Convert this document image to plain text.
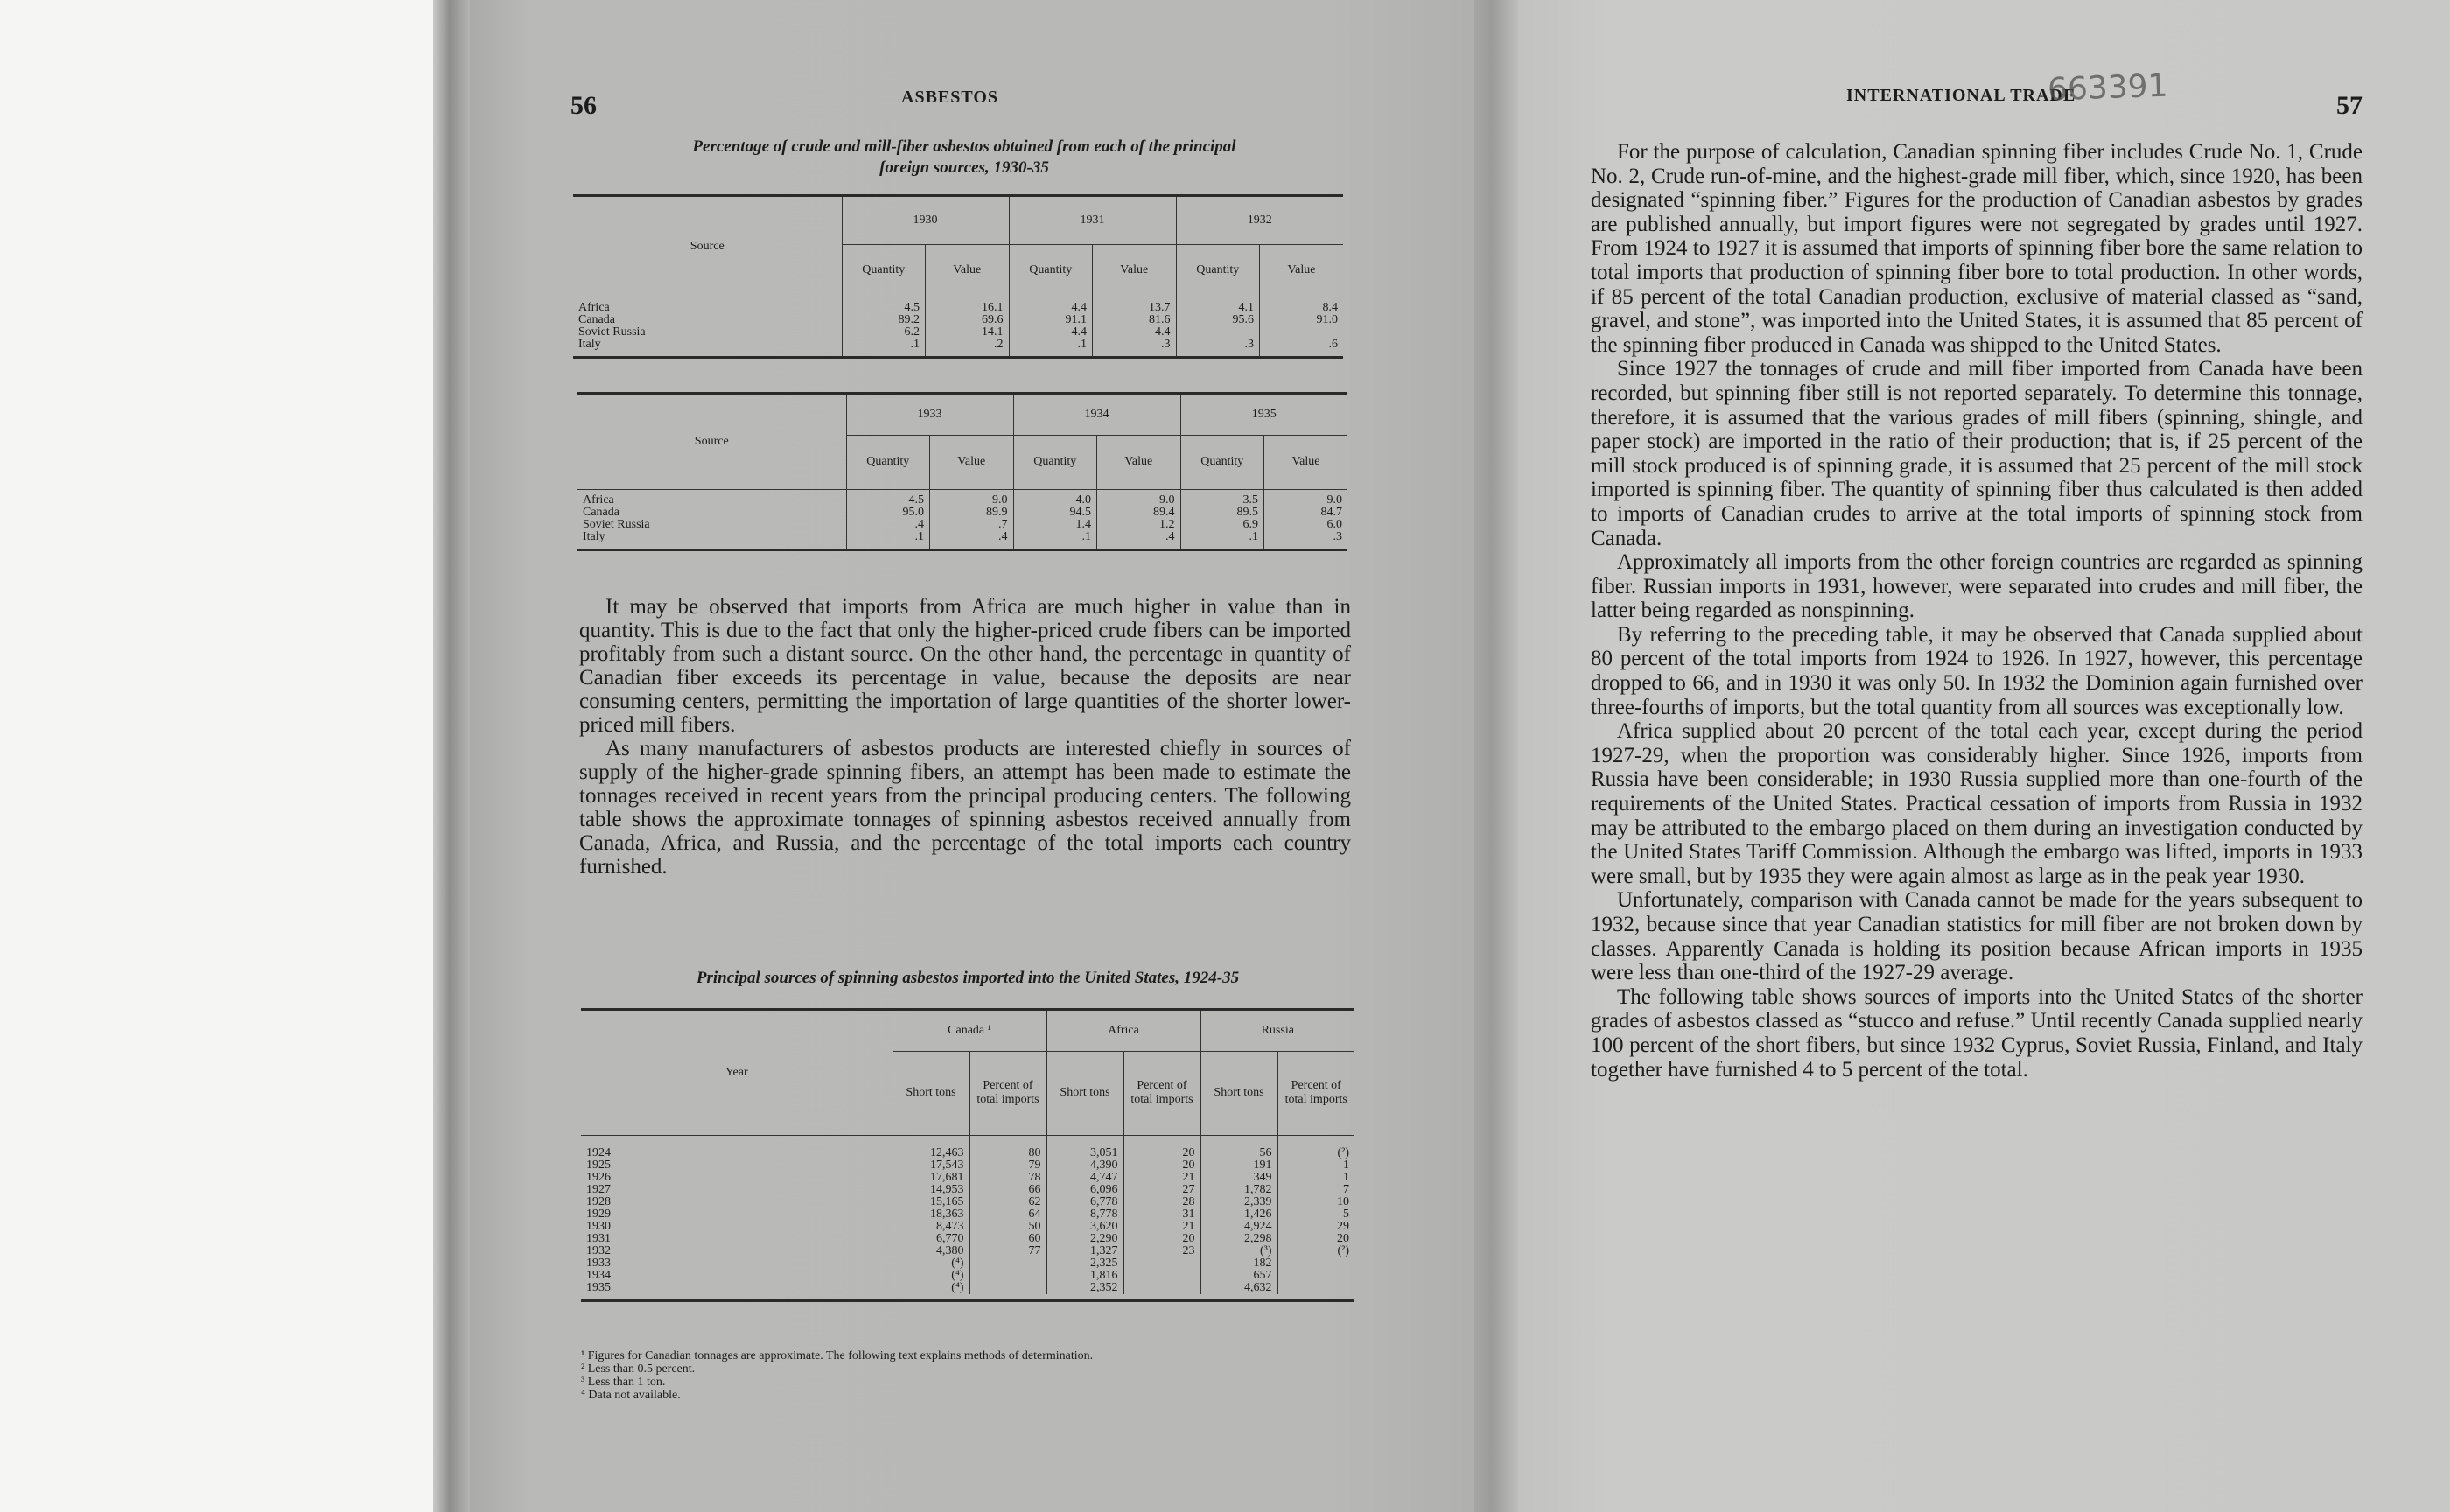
56	ASBESTOS
Percentage of crude and mill-fiber asbestos obtained from each of the principal
foreign sources, 1930-35
Source	1930		1931		1932	
	Quantity	Value	Quantity	Value	Quantity	Value

Africa	4.5	16.1	4.4	13.7	4.1	8.4
Canada	89.2	69.6	91.1	81.6	95.6	91.0
Soviet Russia	6.2	14.1	4.4	4.4		
Italy	.1	.2	.1	.3	.3	.6

Source	1933		1934		1935	
	Quantity	Value	Quantity	Value	Quantity	Value

Africa	4.5	9.0	4.0	9.0	3.5	9.0
Canada	95.0	89.9	94.5	89.4	89.5	84.7
Soviet Russia	.4	.7	1.4	1.2	6.9	6.0
Italy	.1	.4	.1	.4	.1	.3

It may be observed that imports from Africa are much higher in value than in quantity. This is due to the fact that only the higher-priced crude fibers can be imported profitably from such a distant source. On the other hand, the percentage in quantity of Canadian fiber exceeds its percentage in value, because the deposits are near consuming centers, permitting the importation of large quantities of the shorter lower-priced mill fibers.

As many manufacturers of asbestos products are interested chiefly in sources of supply of the higher-grade spinning fibers, an attempt has been made to estimate the tonnages received in recent years from the principal producing centers. The following table shows the approximate tonnages of spinning asbestos received annually from Canada, Africa, and Russia, and the percentage of the total imports each country furnished.

Principal sources of spinning asbestos imported into the United States, 1924-35
Year	Canada ¹		Africa		Russia	
	Short tons	Percent of total imports	Short tons	Percent of total imports	Short tons	Percent of total imports

1924	12,463	80	3,051	20	56	(²)
1925	17,543	79	4,390	20	191	1
1926	17,681	78	4,747	21	349	1
1927	14,953	66	6,096	27	1,782	7
1928	15,165	62	6,778	28	2,339	10
1929	18,363	64	8,778	31	1,426	5
1930	8,473	50	3,620	21	4,924	29
1931	6,770	60	2,290	20	2,298	20
1932	4,380	77	1,327	23	(³)	(²)
1933	(⁴)		2,325		182	
1934	(⁴)		1,816		657	
1935	(⁴)		2,352		4,632	
¹ Figures for Canadian tonnages are approximate. The following text explains methods of determination.
² Less than 0.5 percent.
³ Less than 1 ton.
⁴ Data not available.
INTERNATIONAL TRADE
663391	57

For the purpose of calculation, Canadian spinning fiber includes Crude No. 1, Crude No. 2, Crude run-of-mine, and the highest-grade mill fiber, which, since 1920, has been designated “spinning fiber.” Figures for the production of Canadian asbestos by grades are published annually, but import figures were not segregated by grades until 1927. From 1924 to 1927 it is assumed that imports of spinning fiber bore the same relation to total imports that production of spinning fiber bore to total production. In other words, if 85 percent of the total Canadian production, exclusive of material classed as “sand, gravel, and stone”, was imported into the United States, it is assumed that 85 percent of the spinning fiber produced in Canada was shipped to the United States.

Since 1927 the tonnages of crude and mill fiber imported from Canada have been recorded, but spinning fiber still is not reported separately. To determine this tonnage, therefore, it is assumed that the various grades of mill fibers (spinning, shingle, and paper stock) are imported in the ratio of their production; that is, if 25 percent of the mill stock produced is of spinning grade, it is assumed that 25 percent of the mill stock imported is spinning fiber. The quantity of spinning fiber thus calculated is then added to imports of Canadian crudes to arrive at the total imports of spinning stock from Canada.

Approximately all imports from the other foreign countries are regarded as spinning fiber. Russian imports in 1931, however, were separated into crudes and mill fiber, the latter being regarded as nonspinning.

By referring to the preceding table, it may be observed that Canada supplied about 80 percent of the total imports from 1924 to 1926. In 1927, however, this percentage dropped to 66, and in 1930 it was only 50. In 1932 the Dominion again furnished over three-fourths of imports, but the total quantity from all sources was exceptionally low.

Africa supplied about 20 percent of the total each year, except during the period 1927-29, when the proportion was considerably higher. Since 1926, imports from Russia have been considerable; in 1930 Russia supplied more than one-fourth of the requirements of the United States. Practical cessation of imports from Russia in 1932 may be attributed to the embargo placed on them during an investigation conducted by the United States Tariff Commission. Although the embargo was lifted, imports in 1933 were small, but by 1935 they were again almost as large as in the peak year 1930.

Unfortunately, comparison with Canada cannot be made for the years subsequent to 1932, because since that year Canadian statistics for mill fiber are not broken down by classes. Apparently Canada is holding its position because African imports in 1935 were less than one-third of the 1927-29 average.

The following table shows sources of imports into the United States of the shorter grades of asbestos classed as “stucco and refuse.” Until recently Canada supplied nearly 100 percent of the short fibers, but since 1932 Cyprus, Soviet Russia, Finland, and Italy together have furnished 4 to 5 percent of the total.
